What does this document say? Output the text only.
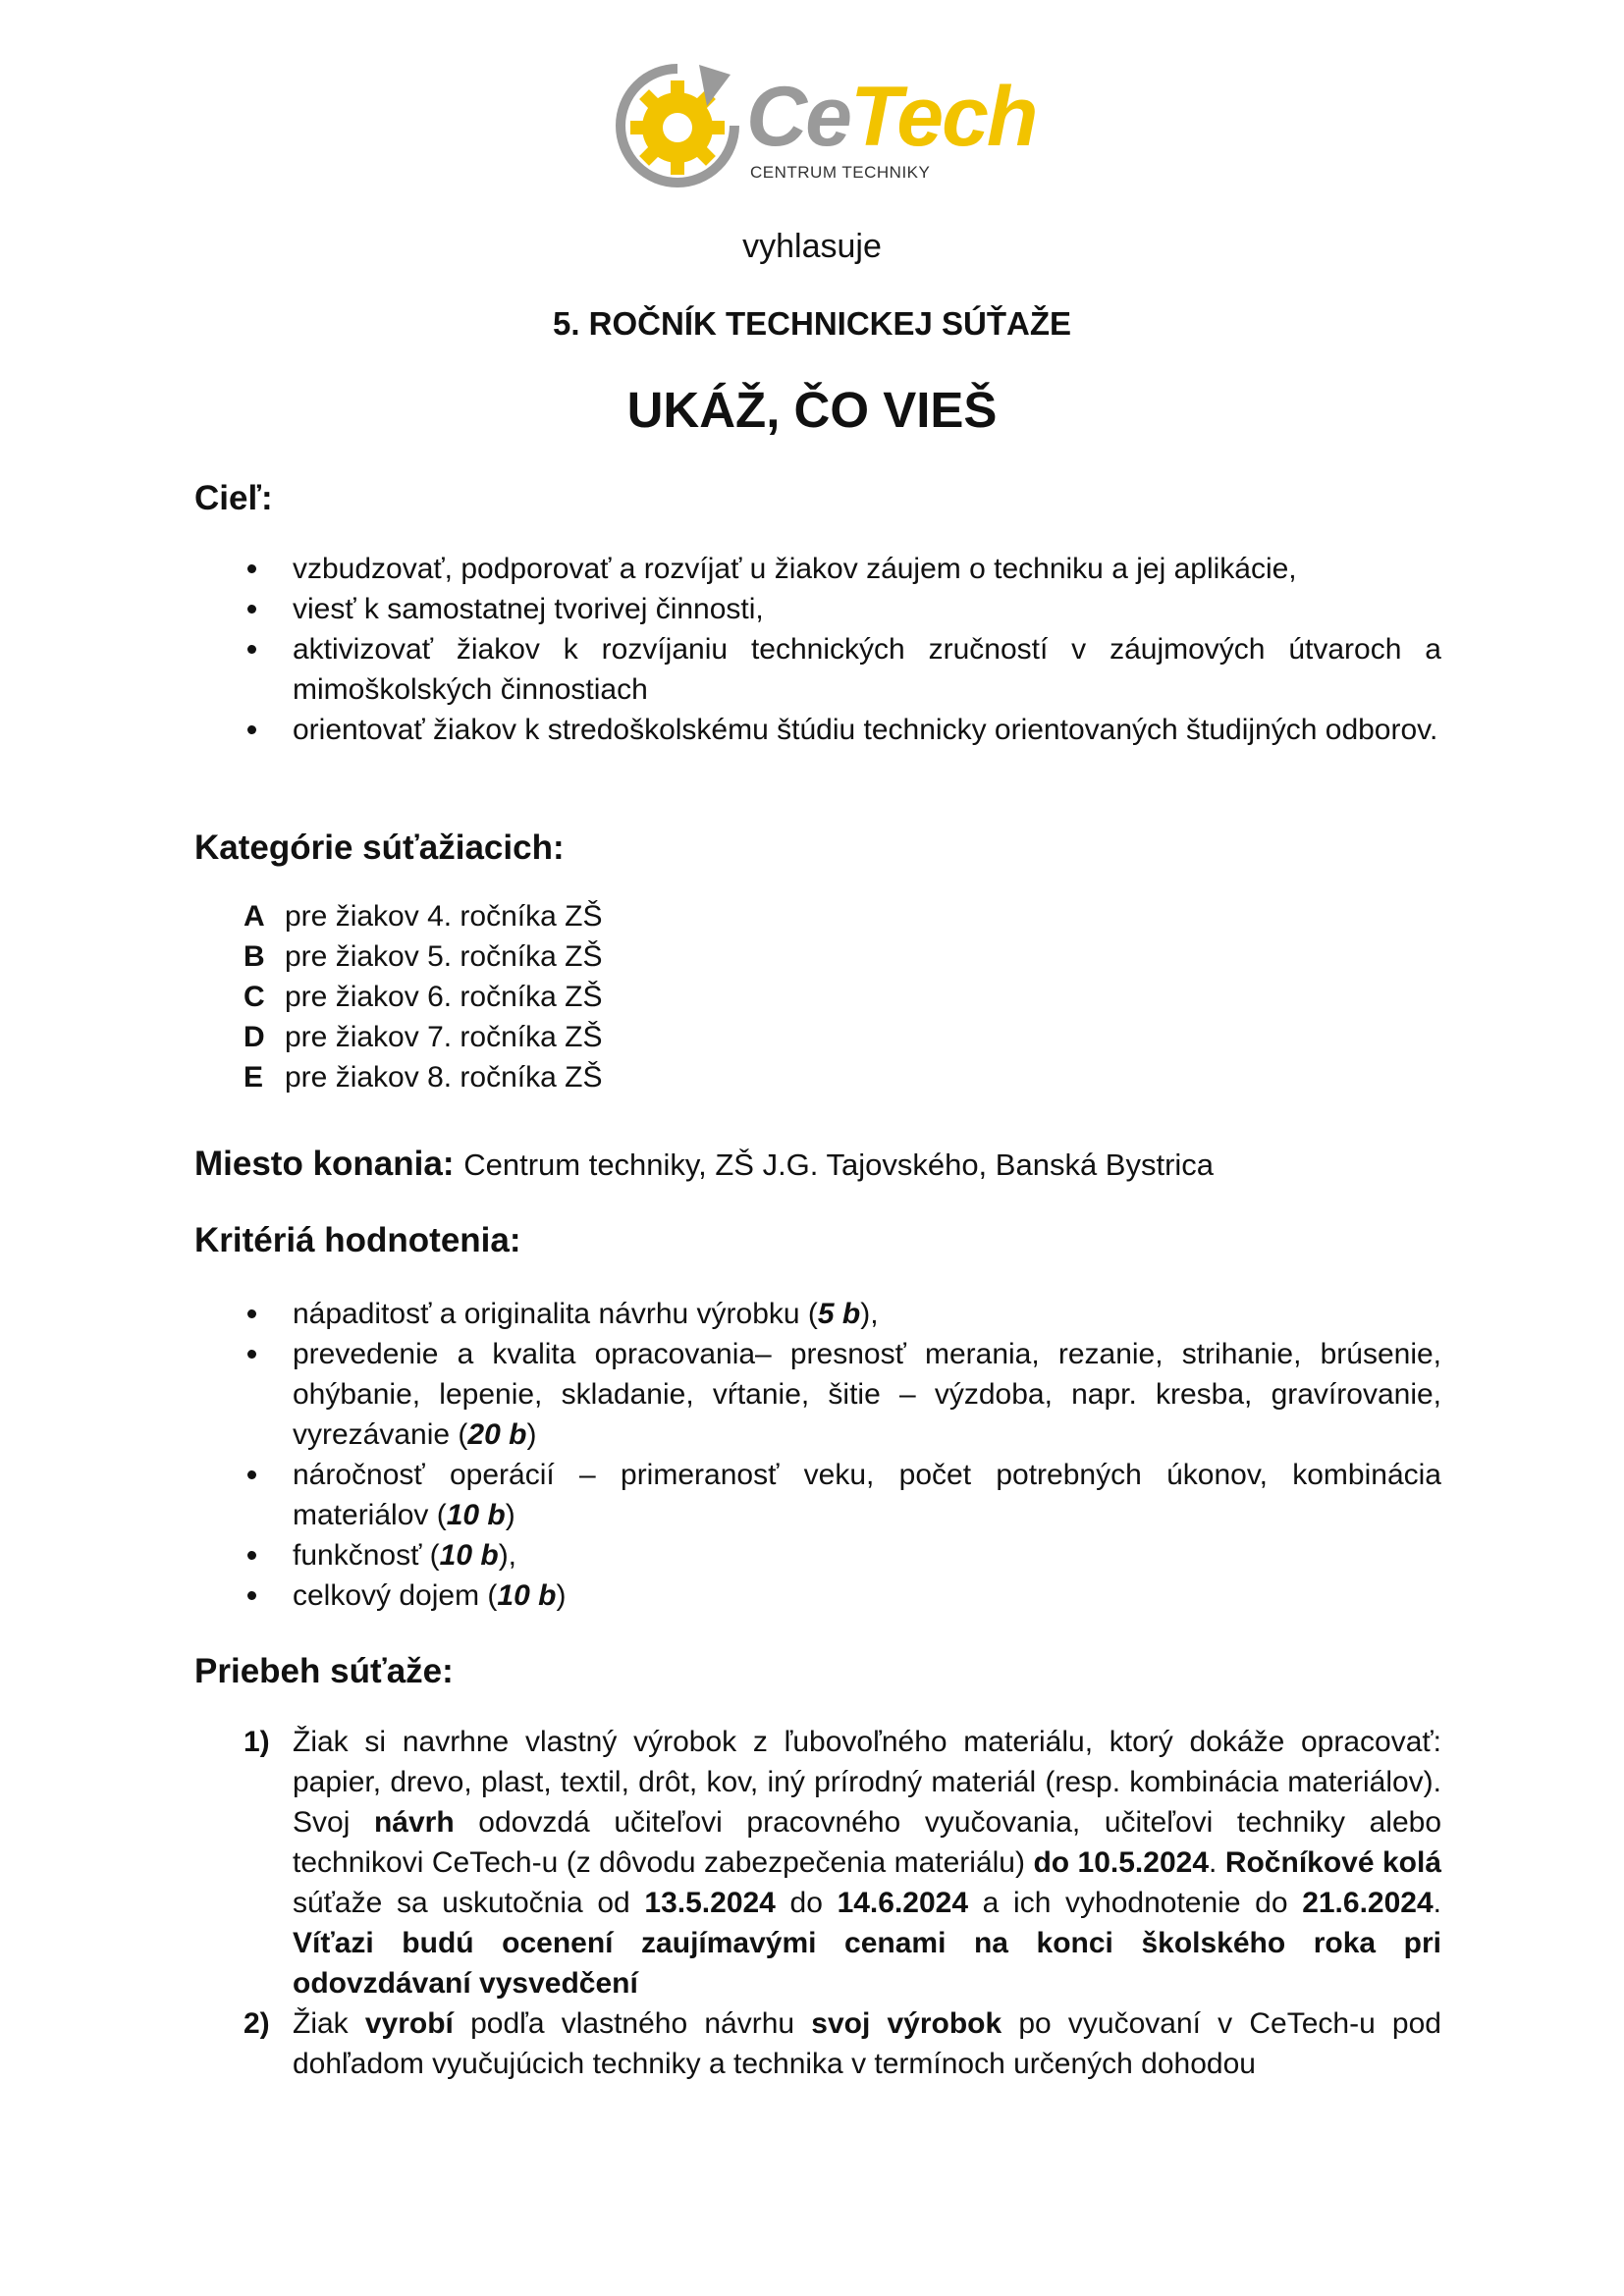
CeTech
CENTRUM TECHNIKY
vyhlasuje
5. ROČNÍK TECHNICKEJ SÚŤAŽE
UKÁŽ, ČO VIEŠ
Cieľ:
vzbudzovať, podporovať a rozvíjať u žiakov záujem o techniku a jej aplikácie,
viesť k samostatnej tvorivej činnosti,
aktivizovať žiakov k rozvíjaniu technických zručností v záujmových útvaroch a mimoškolských činnostiach
orientovať žiakov k stredoškolskému štúdiu technicky orientovaných študijných odborov.
Kategórie súťažiacich:
A pre žiakov 4. ročníka ZŠ
B pre žiakov 5. ročníka ZŠ
C pre žiakov 6. ročníka ZŠ
D pre žiakov 7. ročníka ZŠ
E pre žiakov 8. ročníka ZŠ
Miesto konania: Centrum techniky, ZŠ J.G. Tajovského, Banská Bystrica
Kritériá hodnotenia:
nápaditosť a originalita návrhu výrobku (5 b),
prevedenie a kvalita opracovania– presnosť merania, rezanie, strihanie, brúsenie, ohýbanie, lepenie, skladanie, vŕtanie, šitie – výzdoba, napr. kresba, gravírovanie, vyrezávanie (20 b)
náročnosť operácií – primeranosť veku, počet potrebných úkonov, kombinácia materiálov (10 b)
funkčnosť (10 b),
celkový dojem (10 b)
Priebeh súťaže:
1) Žiak si navrhne vlastný výrobok z ľubovoľného materiálu, ktorý dokáže opracovať: papier, drevo, plast, textil, drôt, kov, iný prírodný materiál (resp. kombinácia materiálov). Svoj návrh odovzdá učiteľovi pracovného vyučovania, učiteľovi techniky alebo technikovi CeTech-u (z dôvodu zabezpečenia materiálu) do 10.5.2024. Ročníkové kolá súťaže sa uskutočnia od 13.5.2024 do 14.6.2024 a ich vyhodnotenie do 21.6.2024. Víťazi budú ocenení zaujímavými cenami na konci školského roka pri odovzdávaní vysvedčení
2) Žiak vyrobí podľa vlastného návrhu svoj výrobok po vyučovaní v CeTech-u pod dohľadom vyučujúcich techniky a technika v termínoch určených dohodou
